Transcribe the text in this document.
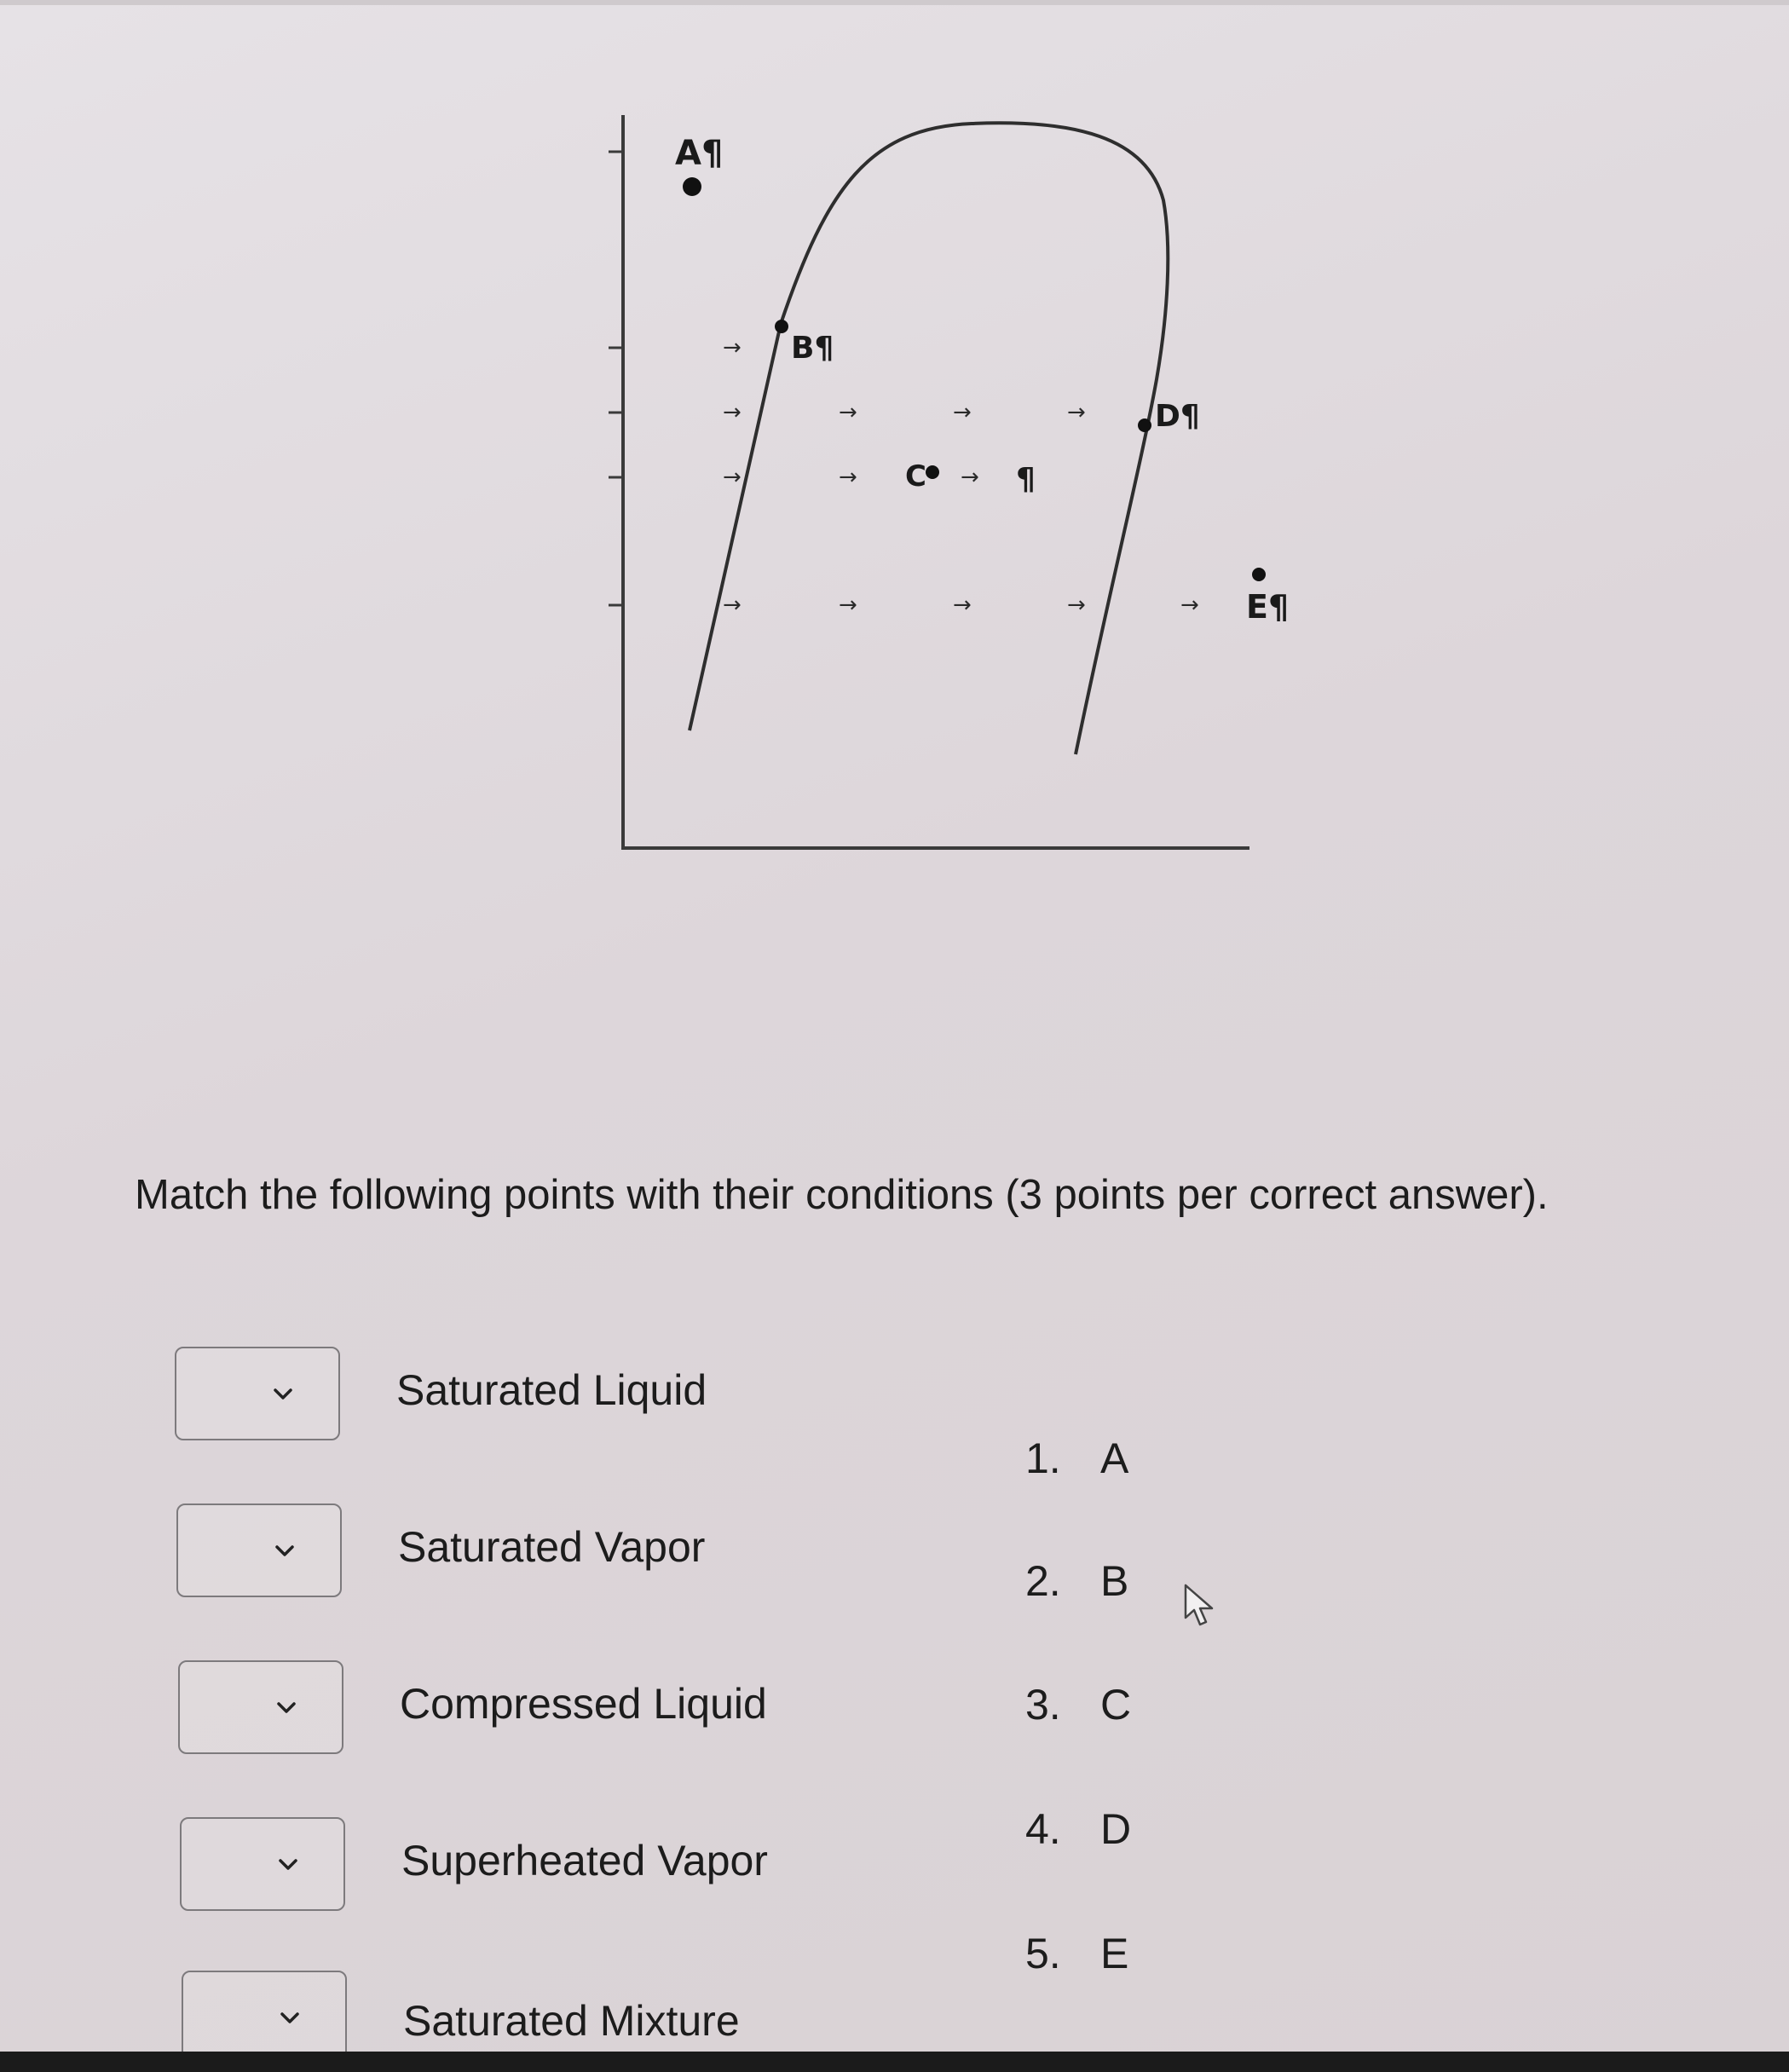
→
→
→
→
→
→
→
→
→
→
→
→	→
A¶
B¶
C	¶
D¶
E¶

Match the following points with their conditions (3 points per correct answer).

Saturated Liquid
Saturated Vapor
Compressed Liquid
Superheated Vapor
Saturated Mixture
1. A
2. B
3. C
4. D
5. E
